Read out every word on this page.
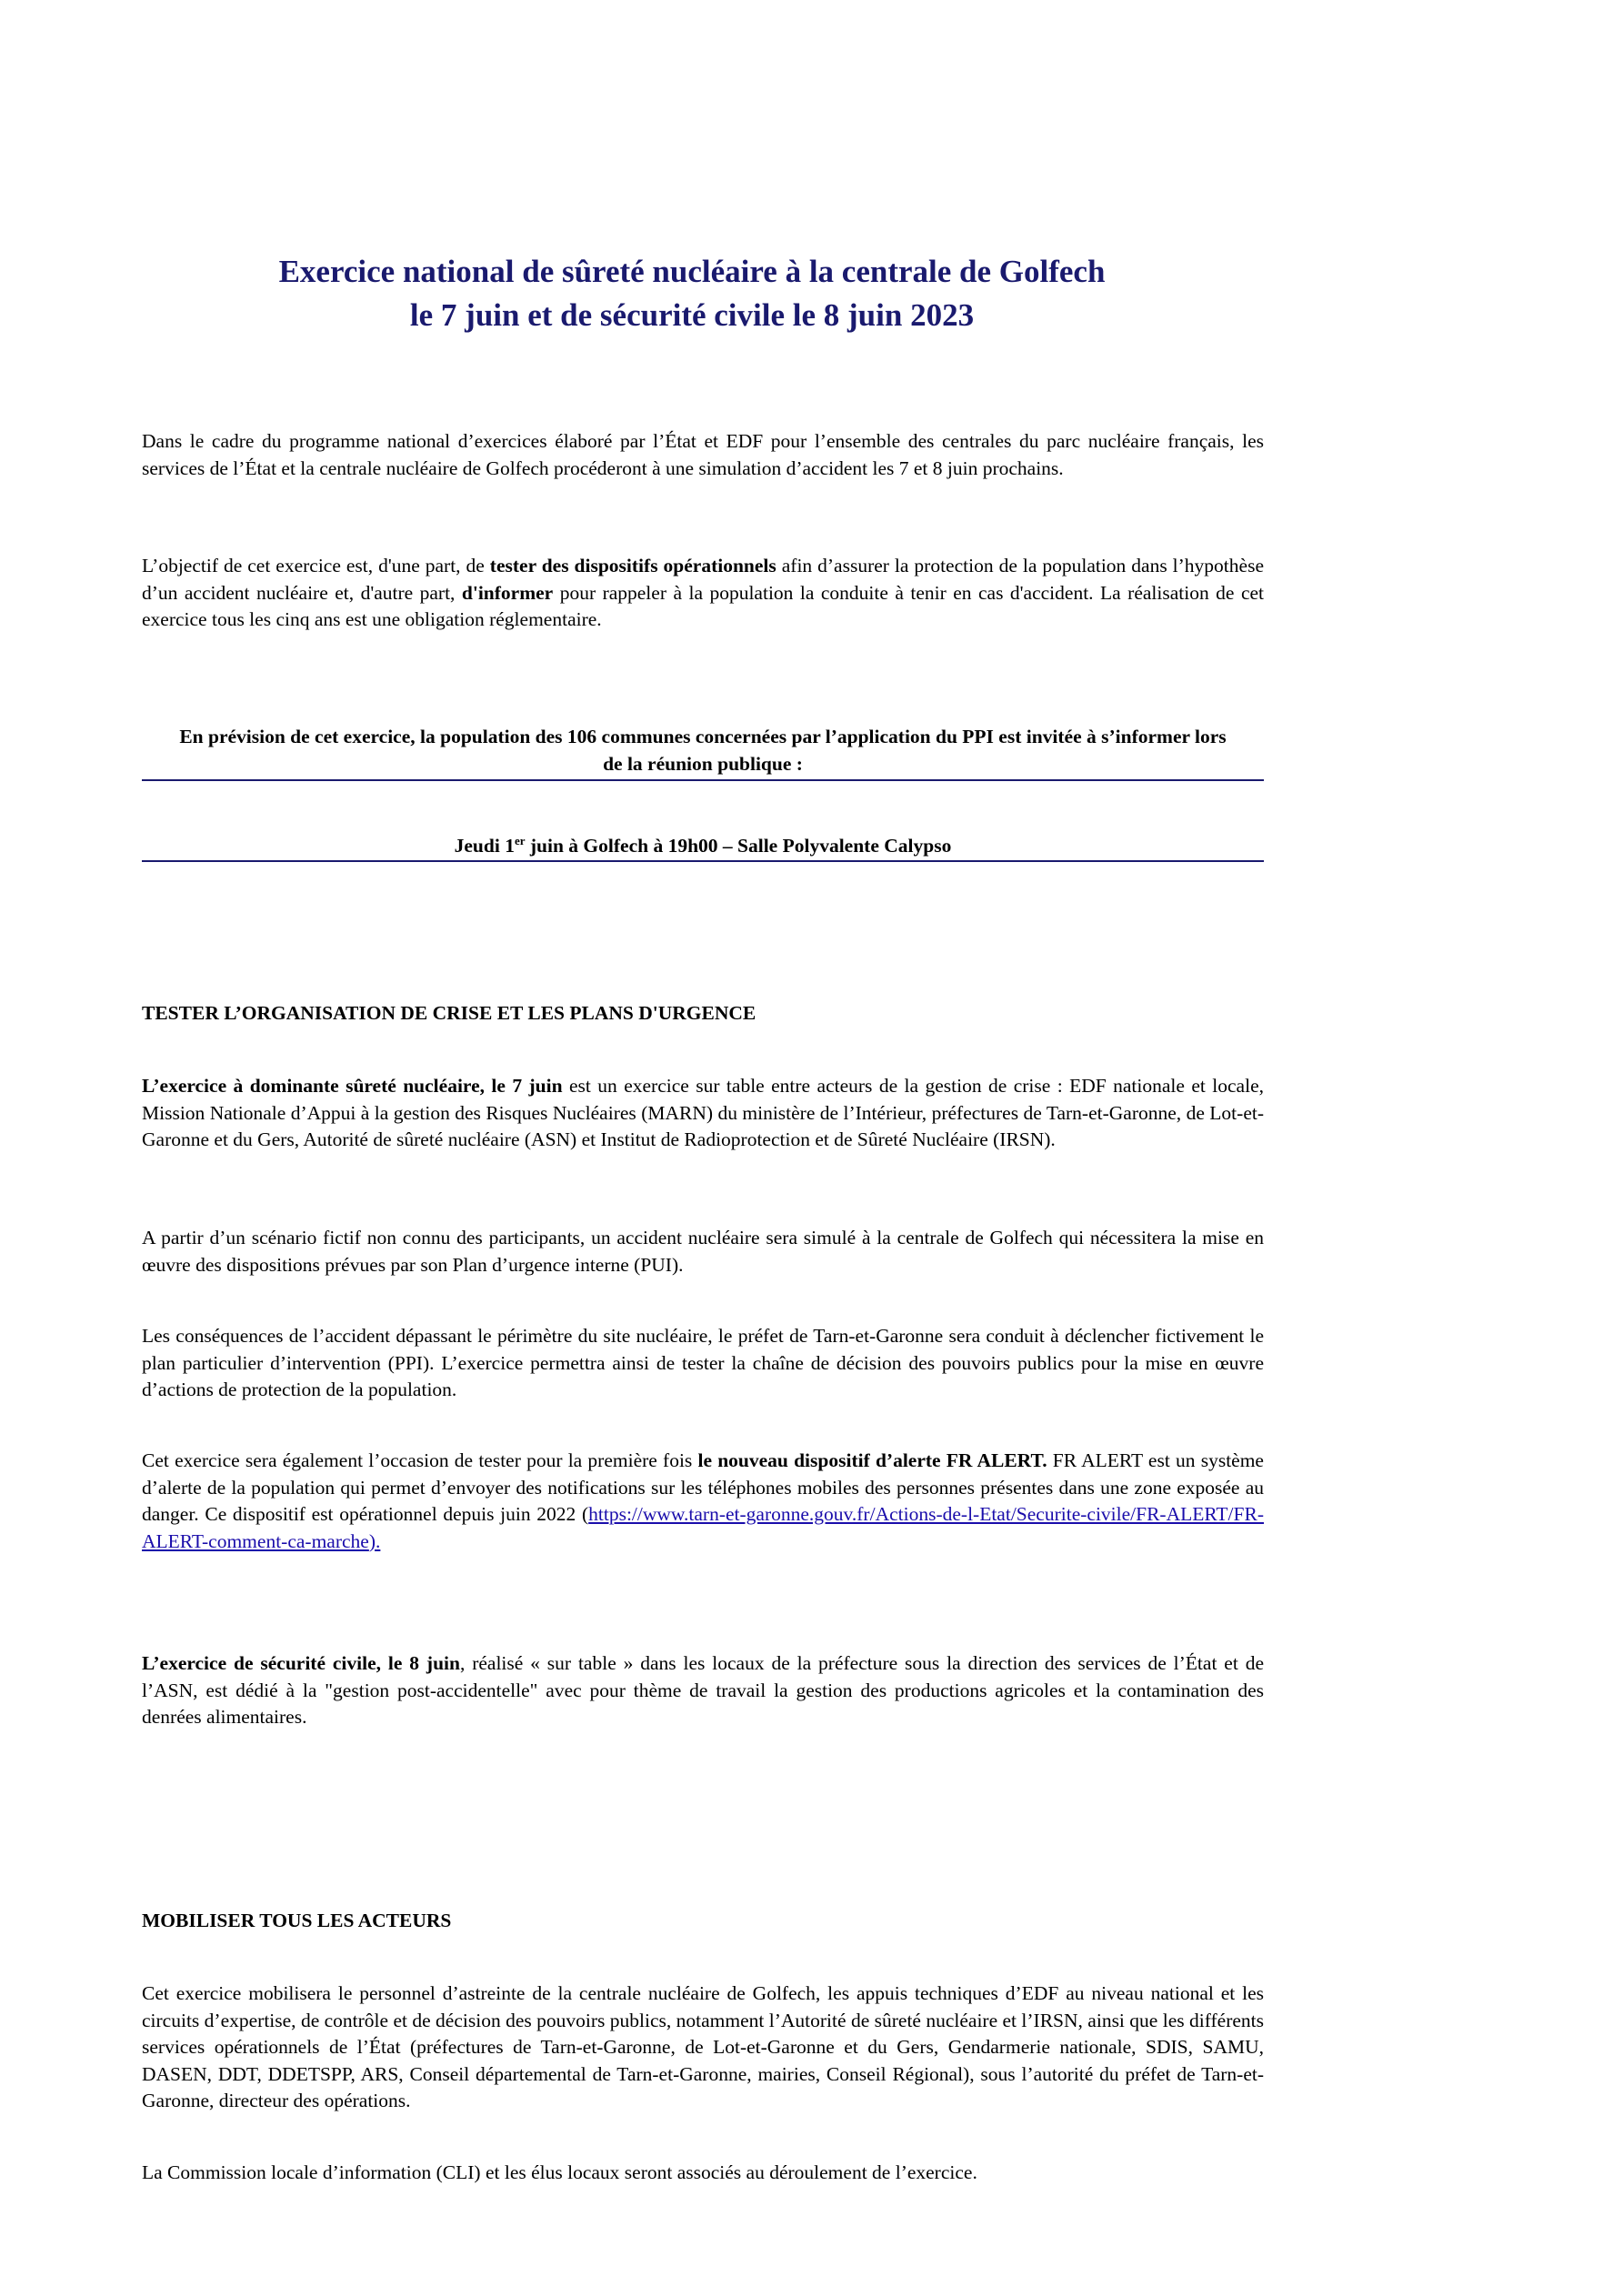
Exercice national de sûreté nucléaire à la centrale de Golfech
le 7 juin et de sécurité civile le 8 juin 2023

Dans le cadre du programme national d’exercices élaboré par l’État et EDF pour l’ensemble des centrales du parc nucléaire français, les services de l’État et la centrale nucléaire de Golfech procéderont à une simulation d’accident les 7 et 8 juin prochains.

L’objectif de cet exercice est, d'une part, de tester des dispositifs opérationnels afin d’assurer la protection de la population dans l’hypothèse d’un accident nucléaire et, d'autre part, d'informer pour rappeler à la population la conduite à tenir en cas d'accident. La réalisation de cet exercice tous les cinq ans est une obligation réglementaire.

En prévision de cet exercice, la population des 106 communes concernées par l’application du PPI est invitée à s’informer lors de la réunion publique :

Jeudi 1er juin à Golfech à 19h00 – Salle Polyvalente Calypso

TESTER L’ORGANISATION DE CRISE ET LES PLANS D'URGENCE

L’exercice à dominante sûreté nucléaire, le 7 juin est un exercice sur table entre acteurs de la gestion de crise : EDF nationale et locale, Mission Nationale d’Appui à la gestion des Risques Nucléaires (MARN) du ministère de l’Intérieur, préfectures de Tarn-et-Garonne, de Lot-et-Garonne et du Gers, Autorité de sûreté nucléaire (ASN) et Institut de Radioprotection et de Sûreté Nucléaire (IRSN).

A partir d’un scénario fictif non connu des participants, un accident nucléaire sera simulé à la centrale de Golfech qui nécessitera la mise en œuvre des dispositions prévues par son Plan d’urgence interne (PUI).

Les conséquences de l’accident dépassant le périmètre du site nucléaire, le préfet de Tarn-et-Garonne sera conduit à déclencher fictivement le plan particulier d’intervention (PPI). L’exercice permettra ainsi de tester la chaîne de décision des pouvoirs publics pour la mise en œuvre d’actions de protection de la population.

Cet exercice sera également l’occasion de tester pour la première fois le nouveau dispositif d’alerte FR ALERT. FR ALERT est un système d’alerte de la population qui permet d’envoyer des notifications sur les téléphones mobiles des personnes présentes dans une zone exposée au danger. Ce dispositif est opérationnel depuis juin 2022 (https://www.tarn-et-garonne.gouv.fr/Actions-de-l-Etat/Securite-civile/FR-ALERT/FR-ALERT-comment-ca-marche).

L’exercice de sécurité civile, le 8 juin, réalisé « sur table » dans les locaux de la préfecture sous la direction des services de l’État et de l’ASN, est dédié à la "gestion post-accidentelle" avec pour thème de travail la gestion des productions agricoles et la contamination des denrées alimentaires.

MOBILISER TOUS LES ACTEURS

Cet exercice mobilisera le personnel d’astreinte de la centrale nucléaire de Golfech, les appuis techniques d’EDF au niveau national et les circuits d’expertise, de contrôle et de décision des pouvoirs publics, notamment l’Autorité de sûreté nucléaire et l’IRSN, ainsi que les différents services opérationnels de l’État (préfectures de Tarn-et-Garonne, de Lot-et-Garonne et du Gers, Gendarmerie nationale, SDIS, SAMU, DASEN, DDT, DDETSPP, ARS, Conseil départemental de Tarn-et-Garonne, mairies, Conseil Régional), sous l’autorité du préfet de Tarn-et-Garonne, directeur des opérations.

La Commission locale d’information (CLI) et les élus locaux seront associés au déroulement de l’exercice.
